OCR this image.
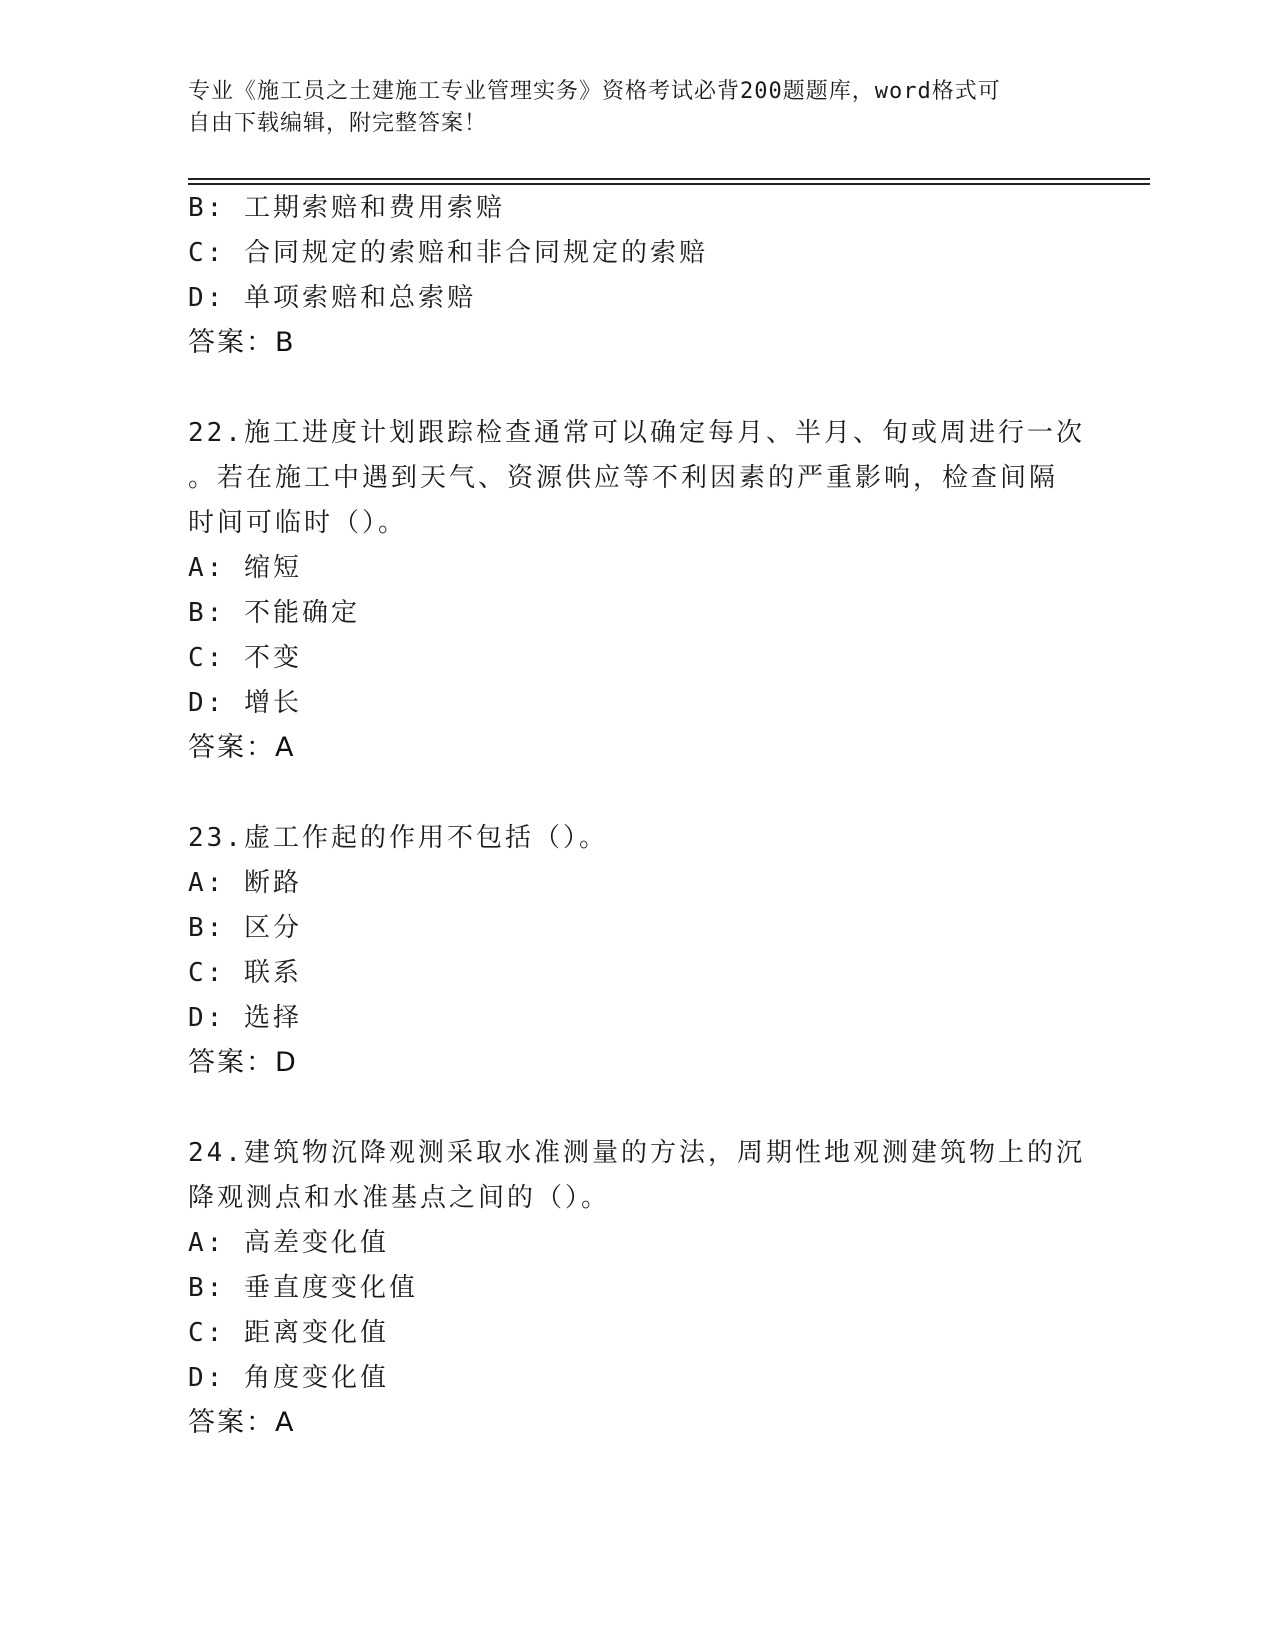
专业《施工员之土建施工专业管理实务》资格考试必背200题题库，word格式可
自由下载编辑，附完整答案！
B: 工期索赔和费用索赔
C: 合同规定的索赔和非合同规定的索赔
D: 单项索赔和总索赔
答案：B
22.施工进度计划跟踪检查通常可以确定每月、半月、旬或周进行一次
。若在施工中遇到天气、资源供应等不利因素的严重影响，检查间隔
时间可临时（）。
A: 缩短
B: 不能确定
C: 不变
D: 增长
答案：A
23.虚工作起的作用不包括（）。
A: 断路
B: 区分
C: 联系
D: 选择
答案：D
24.建筑物沉降观测采取水准测量的方法，周期性地观测建筑物上的沉
降观测点和水准基点之间的（）。
A: 高差变化值
B: 垂直度变化值
C: 距离变化值
D: 角度变化值
答案：A
